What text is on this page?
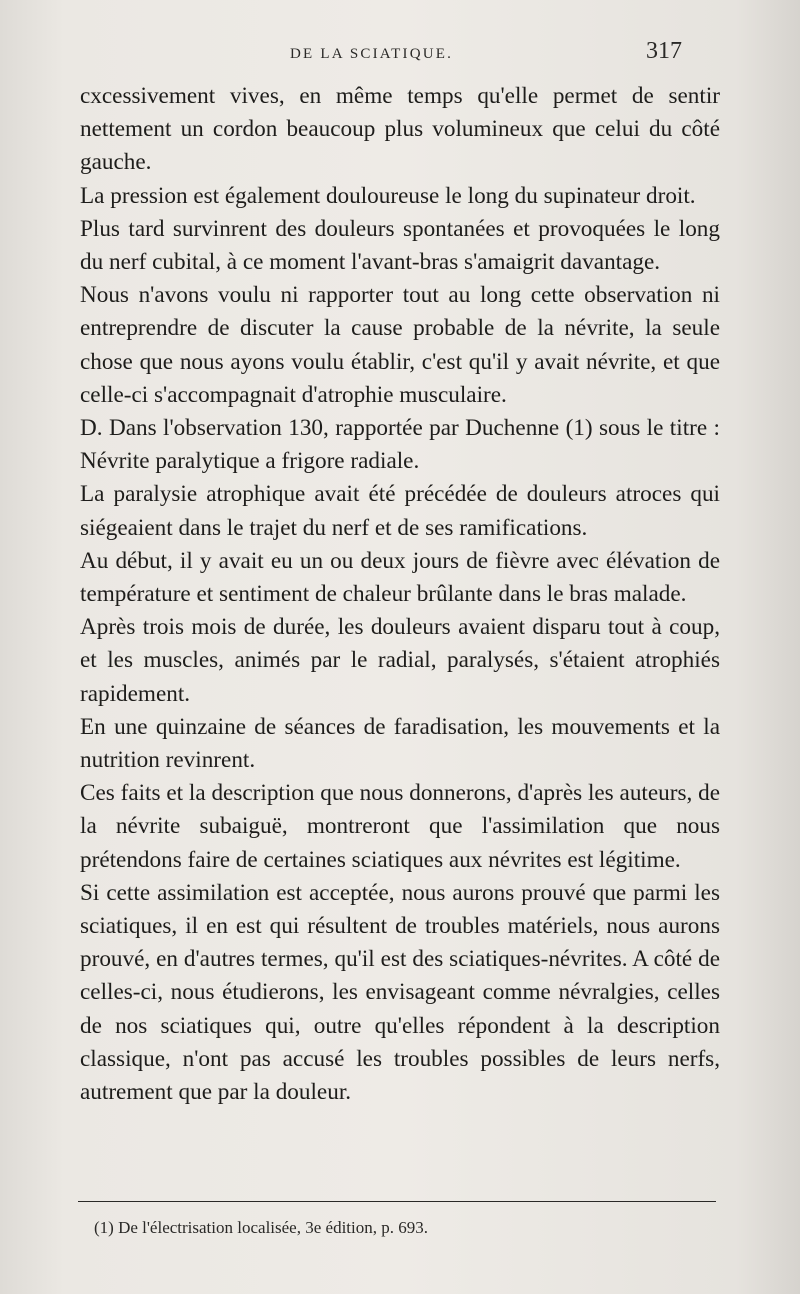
DE LA SCIATIQUE.	317

cxcessivement vives, en même temps qu'elle permet de sentir nettement un cordon beaucoup plus volumineux que celui du côté gauche.

La pression est également douloureuse le long du supinateur droit.

Plus tard survinrent des douleurs spontanées et provoquées le long du nerf cubital, à ce moment l'avant-bras s'amaigrit davantage.

Nous n'avons voulu ni rapporter tout au long cette observation ni entreprendre de discuter la cause probable de la névrite, la seule chose que nous ayons voulu établir, c'est qu'il y avait névrite, et que celle-ci s'accompagnait d'atrophie musculaire.

D. Dans l'observation 130, rapportée par Duchenne (1) sous le titre : Névrite paralytique a frigore radiale.

La paralysie atrophique avait été précédée de douleurs atroces qui siégeaient dans le trajet du nerf et de ses ramifications.

Au début, il y avait eu un ou deux jours de fièvre avec élévation de température et sentiment de chaleur brûlante dans le bras malade.

Après trois mois de durée, les douleurs avaient disparu tout à coup, et les muscles, animés par le radial, paralysés, s'étaient atrophiés rapidement.

En une quinzaine de séances de faradisation, les mouvements et la nutrition revinrent.

Ces faits et la description que nous donnerons, d'après les auteurs, de la névrite subaiguë, montreront que l'assimilation que nous prétendons faire de certaines sciatiques aux névrites est légitime.

Si cette assimilation est acceptée, nous aurons prouvé que parmi les sciatiques, il en est qui résultent de troubles matériels, nous aurons prouvé, en d'autres termes, qu'il est des sciatiques-névrites. A côté de celles-ci, nous étudierons, les envisageant comme névralgies, celles de nos sciatiques qui, outre qu'elles répondent à la description classique, n'ont pas accusé les troubles possibles de leurs nerfs, autrement que par la douleur.

(1) De l'électrisation localisée, 3e édition, p. 693.
